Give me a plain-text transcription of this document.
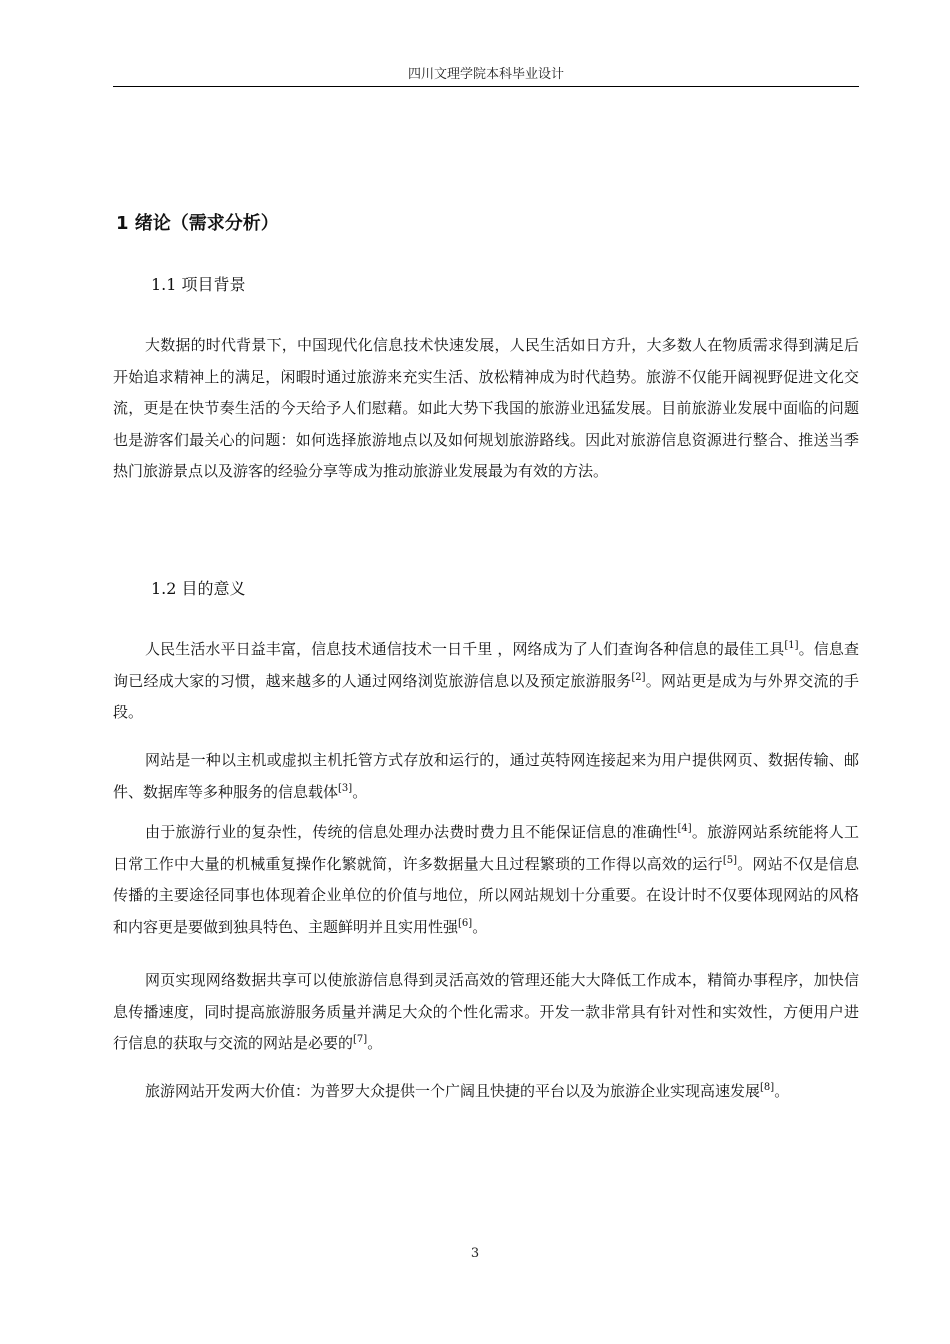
四川文理学院本科毕业设计
1 绪论（需求分析）
1.1 项目背景

大数据的时代背景下，中国现代化信息技术快速发展，人民生活如日方升，大多数人在物质需求得到满足后开始追求精神上的满足，闲暇时通过旅游来充实生活、放松精神成为时代趋势。旅游不仅能开阔视野促进文化交流，更是在快节奏生活的今天给予人们慰藉。如此大势下我国的旅游业迅猛发展。目前旅游业发展中面临的问题也是游客们最关心的问题：如何选择旅游地点以及如何规划旅游路线。因此对旅游信息资源进行整合、推送当季热门旅游景点以及游客的经验分享等成为推动旅游业发展最为有效的方法。

1.2 目的意义

人民生活水平日益丰富，信息技术通信技术一日千里 ，网络成为了人们查询各种信息的最佳工具[1]。信息查询已经成大家的习惯，越来越多的人通过网络浏览旅游信息以及预定旅游服务[2]。网站更是成为与外界交流的手段。

网站是一种以主机或虚拟主机托管方式存放和运行的，通过英特网连接起来为用户提供网页、数据传输、邮件、数据库等多种服务的信息载体[3]。

由于旅游行业的复杂性，传统的信息处理办法费时费力且不能保证信息的准确性[4]。旅游网站系统能将人工日常工作中大量的机械重复操作化繁就简，许多数据量大且过程繁琐的工作得以高效的运行[5]。网站不仅是信息传播的主要途径同事也体现着企业单位的价值与地位，所以网站规划十分重要。在设计时不仅要体现网站的风格和内容更是要做到独具特色、主题鲜明并且实用性强[6]。

网页实现网络数据共享可以使旅游信息得到灵活高效的管理还能大大降低工作成本，精简办事程序，加快信息传播速度，同时提高旅游服务质量并满足大众的个性化需求。开发一款非常具有针对性和实效性，方便用户进行信息的获取与交流的网站是必要的[7]。

旅游网站开发两大价值：为普罗大众提供一个广阔且快捷的平台以及为旅游企业实现高速发展[8]。

3
